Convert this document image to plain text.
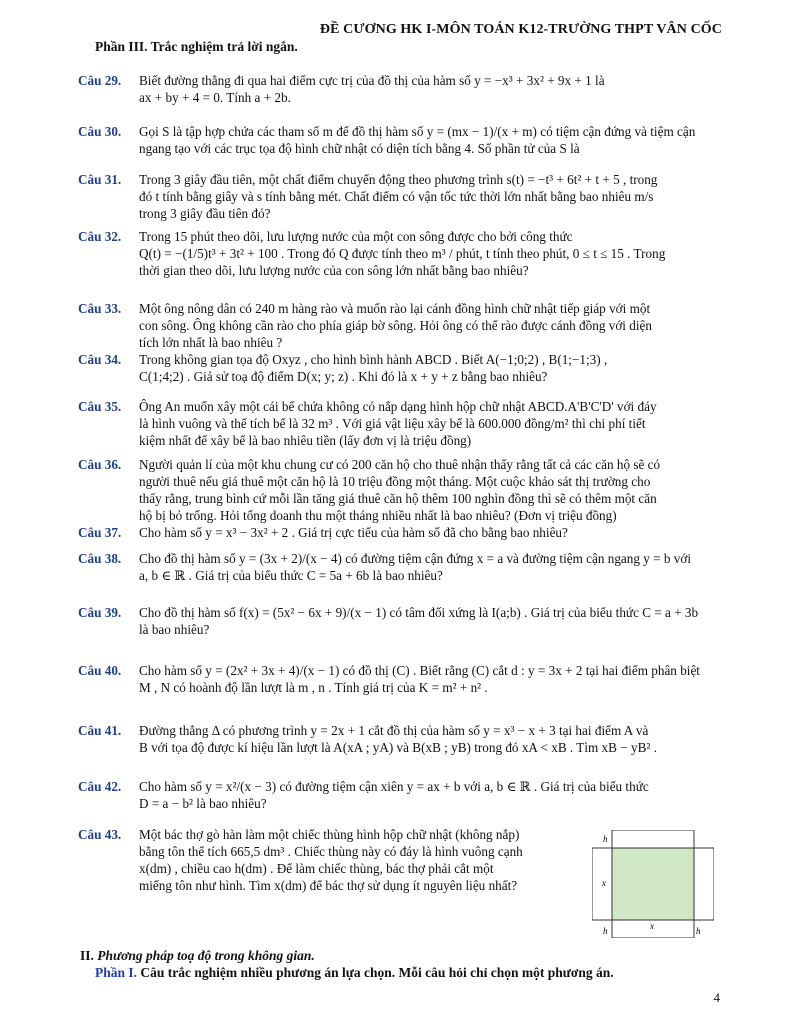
ĐỀ CƯƠNG HK I-MÔN TOÁN K12-TRƯỜNG THPT VÂN CỐC
Phần III. Trắc nghiệm trả lời ngắn.
Câu 29. Biết đường thẳng đi qua hai điểm cực trị của đồ thị của hàm số y = −x³ + 3x² + 9x + 1 là
ax + by + 4 = 0. Tính a + 2b.
Câu 30. Gọi S là tập hợp chứa các tham số m để đồ thị hàm số y = (mx − 1)/(x + m) có tiệm cận đứng và tiệm cận
ngang tạo với các trục tọa độ hình chữ nhật có diện tích bằng 4. Số phần tử của S là
Câu 31. Trong 3 giây đầu tiên, một chất điểm chuyển động theo phương trình s(t) = −t³ + 6t² + t + 5 , trong
đó t tính bằng giây và s tính bằng mét. Chất điểm có vận tốc tức thời lớn nhất bằng bao nhiêu m/s
trong 3 giây đầu tiên đó?
Câu 32. Trong 15 phút theo dõi, lưu lượng nước của một con sông được cho bởi công thức
Q(t) = −(1/5)t³ + 3t² + 100 . Trong đó Q được tính theo m³ / phút, t tính theo phút, 0 ≤ t ≤ 15 . Trong
thời gian theo dõi, lưu lượng nước của con sông lớn nhất bằng bao nhiêu?
Câu 33. Một ông nông dân có 240 m hàng rào và muốn rào lại cánh đồng hình chữ nhật tiếp giáp với một
con sông. Ông không cần rào cho phía giáp bờ sông. Hỏi ông có thể rào được cánh đồng với diện
tích lớn nhất là bao nhiêu ?
Câu 34. Trong không gian tọa độ Oxyz , cho hình bình hành ABCD . Biết A(−1;0;2) , B(1;−1;3) ,
C(1;4;2) . Giả sử toạ độ điểm D(x; y; z) . Khi đó là x + y + z bằng bao nhiêu?
Câu 35. Ông An muốn xây một cái bể chứa không có nắp dạng hình hộp chữ nhật ABCD.A'B'C'D' với đáy
là hình vuông và thể tích bể là 32 m³ . Với giá vật liệu xây bể là 600.000 đồng/m² thì chi phí tiết
kiệm nhất để xây bể là bao nhiêu tiền (lấy đơn vị là triệu đồng)
Câu 36. Người quản lí của một khu chung cư có 200 căn hộ cho thuê nhận thấy rằng tất cả các căn hộ sẽ có
người thuê nếu giá thuê một căn hộ là 10 triệu đồng một tháng. Một cuộc khảo sát thị trường cho
thấy rằng, trung bình cứ mỗi lần tăng giá thuê căn hộ thêm 100 nghìn đồng thì sẽ có thêm một căn
hộ bị bỏ trống. Hỏi tổng doanh thu một tháng nhiều nhất là bao nhiêu? (Đơn vị triệu đồng)
Câu 37. Cho hàm số y = x³ − 3x² + 2 . Giá trị cực tiểu của hàm số đã cho bằng bao nhiêu?
Câu 38. Cho đồ thị hàm số y = (3x + 2)/(x − 4) có đường tiệm cận đứng x = a và đường tiệm cận ngang y = b với
a, b ∈ ℝ . Giá trị của biểu thức C = 5a + 6b là bao nhiêu?
Câu 39. Cho đồ thị hàm số f(x) = (5x² − 6x + 9)/(x − 1) có tâm đối xứng là I(a;b) . Giá trị của biểu thức C = a + 3b
là bao nhiêu?
Câu 40. Cho hàm số y = (2x² + 3x + 4)/(x − 1) có đồ thị (C) . Biết rằng (C) cắt d : y = 3x + 2 tại hai điểm phân biệt
M , N có hoành độ lần lượt là m , n . Tính giá trị của K = m² + n² .
Câu 41. Đường thẳng Δ có phương trình y = 2x + 1 cắt đồ thị của hàm số y = x³ − x + 3 tại hai điểm A và
B với tọa độ được kí hiệu lần lượt là A(xA ; yA) và B(xB ; yB) trong đó xA < xB . Tìm xB − yB² .
Câu 42. Cho hàm số y = x²/(x − 3) có đường tiệm cận xiên y = ax + b với a, b ∈ ℝ . Giá trị của biểu thức
D = a − b² là bao nhiêu?
Câu 43. Một bác thợ gò hàn làm một chiếc thùng hình hộp chữ nhật (không nắp)
bằng tôn thể tích 665,5 dm³ . Chiếc thùng này có đáy là hình vuông cạnh
x(dm) , chiều cao h(dm) . Để làm chiếc thùng, bác thợ phải cắt một
miếng tôn như hình. Tìm x(dm) để bác thợ sử dụng ít nguyên liệu nhất?
h
x
x
h	h
II. Phương pháp toạ độ trong không gian.
Phần I. Câu trắc nghiệm nhiều phương án lựa chọn. Mỗi câu hỏi chỉ chọn một phương án.
4
